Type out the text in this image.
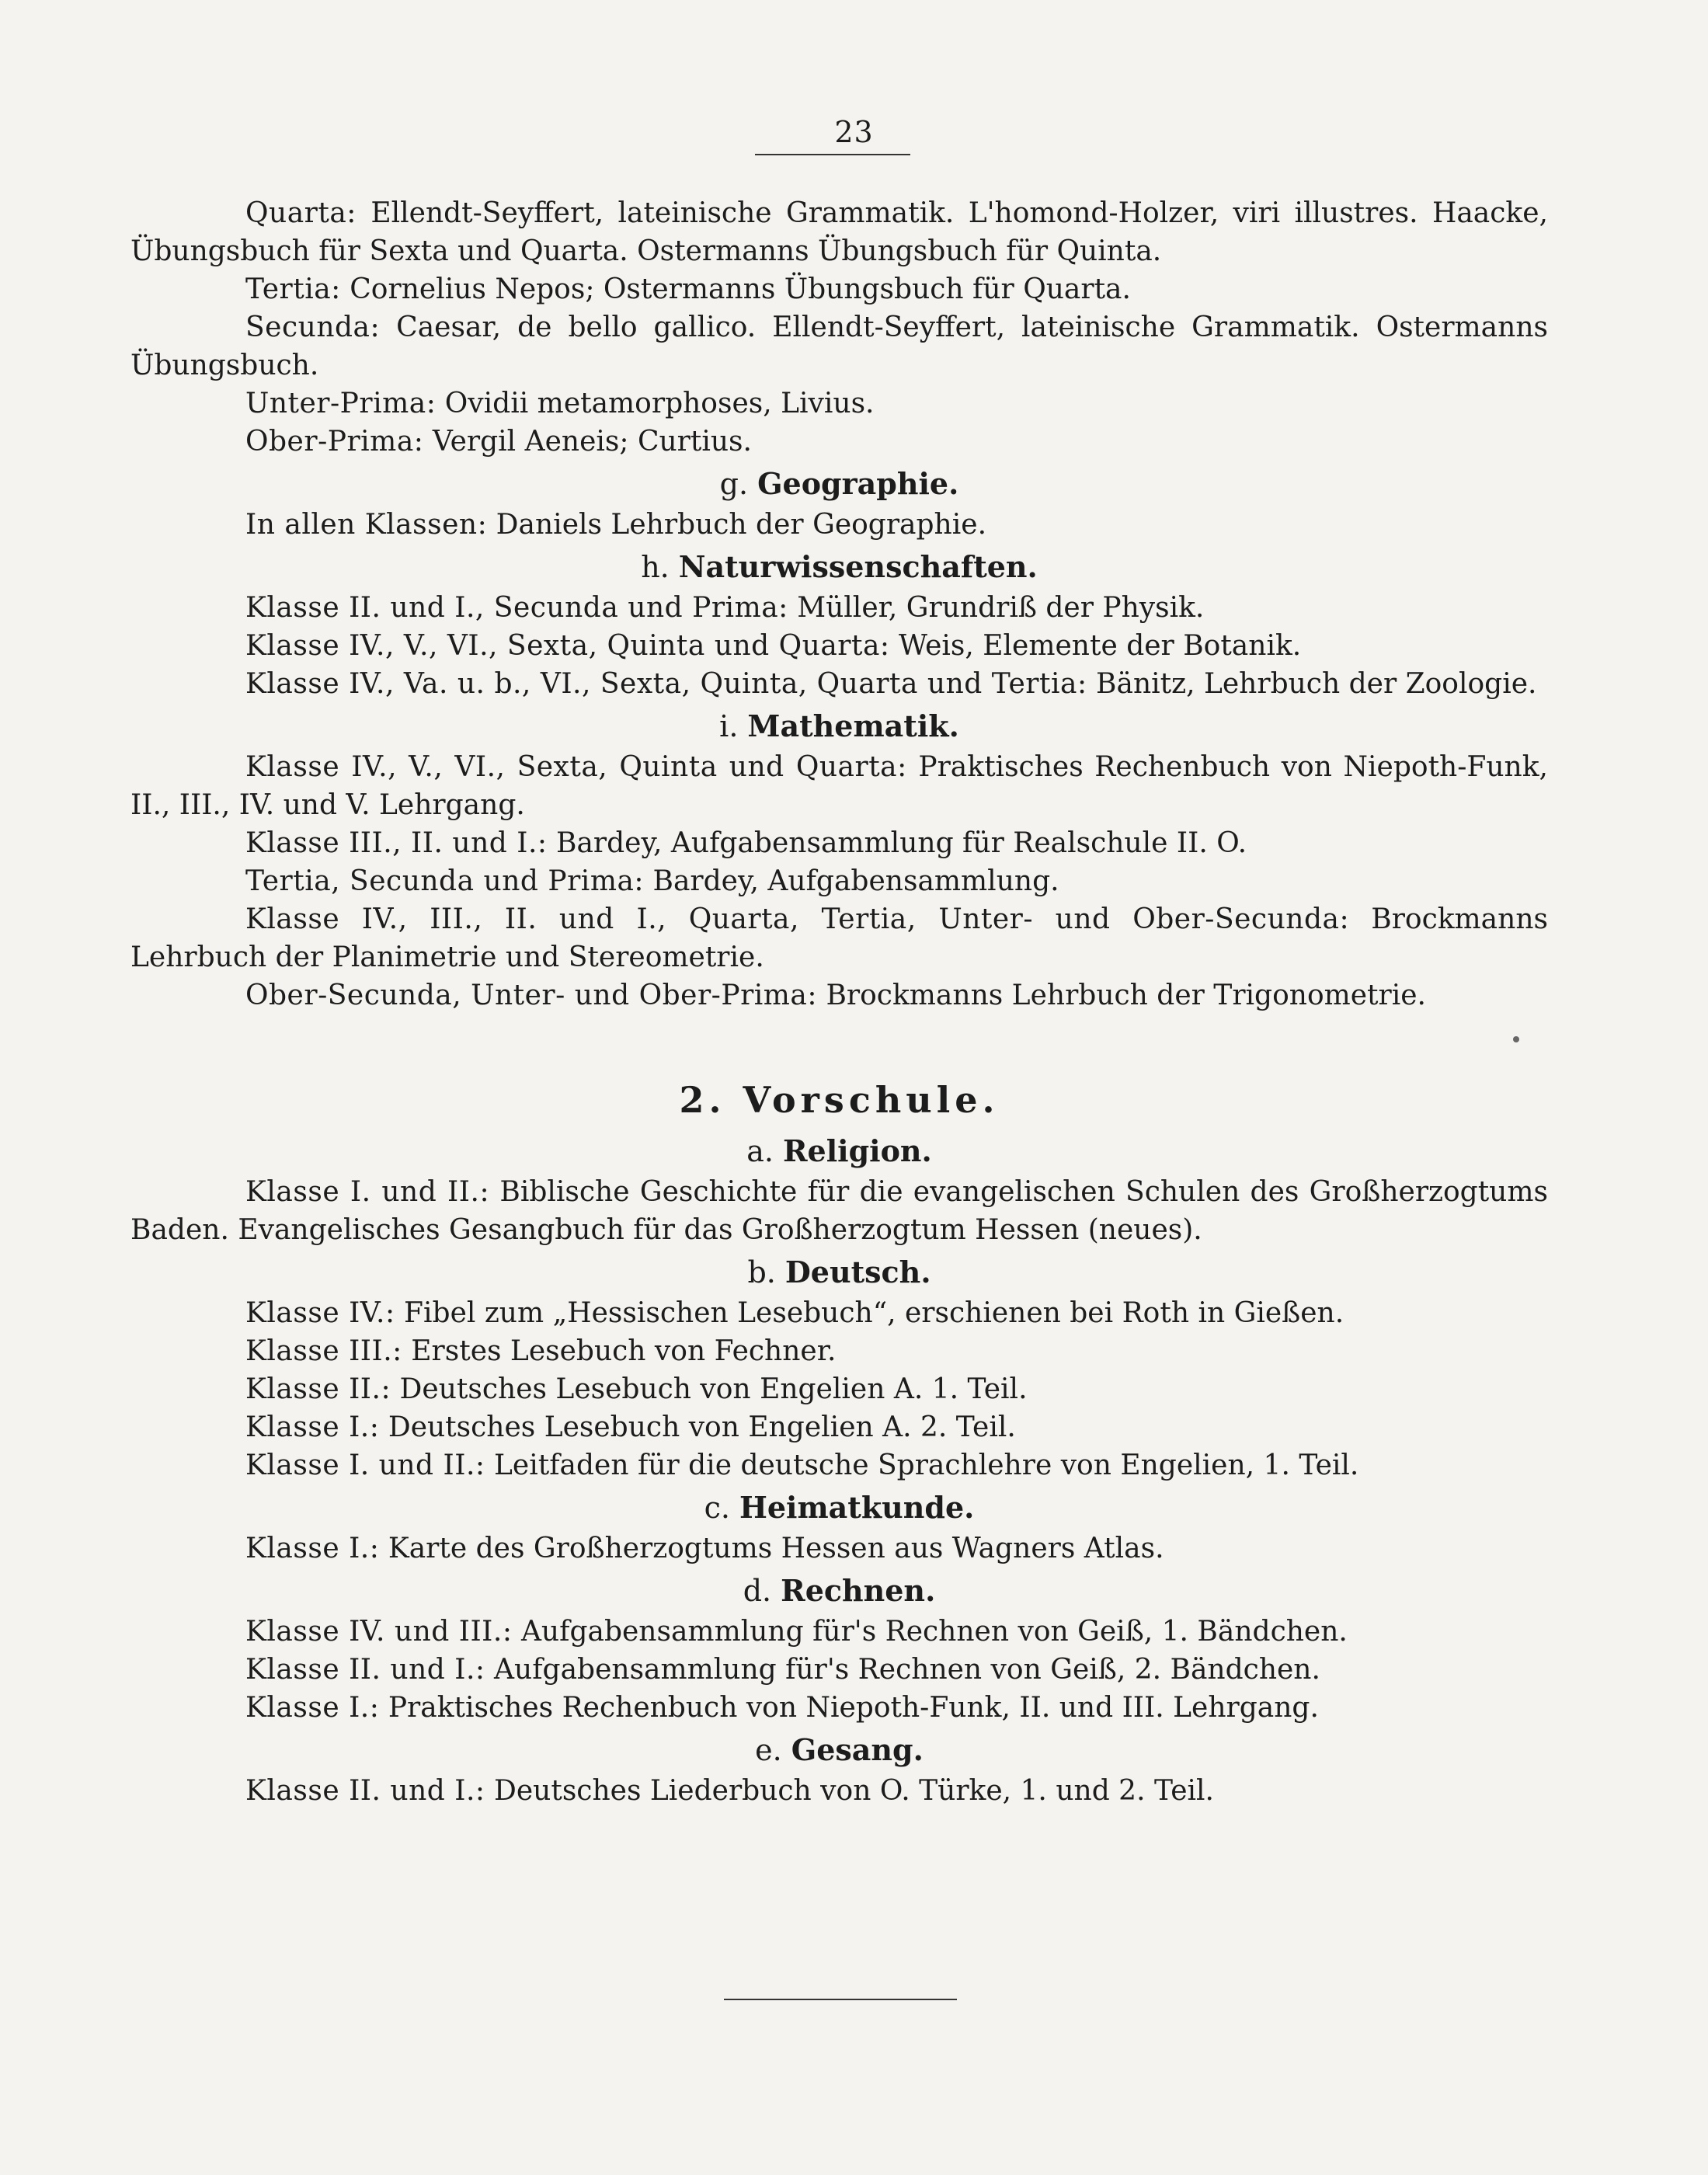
23

Quarta: Ellendt-Seyffert, lateinische Grammatik. L'homond-Holzer, viri illustres. Haacke, Übungsbuch für Sexta und Quarta. Ostermanns Übungsbuch für Quinta.

Tertia: Cornelius Nepos; Ostermanns Übungsbuch für Quarta.

Secunda: Caesar, de bello gallico. Ellendt-Seyffert, lateinische Grammatik. Ostermanns Übungsbuch.

Unter-Prima: Ovidii metamorphoses, Livius.

Ober-Prima: Vergil Aeneis; Curtius.

g. Geographie.

In allen Klassen: Daniels Lehrbuch der Geographie.

h. Naturwissenschaften.

Klasse II. und I., Secunda und Prima: Müller, Grundriß der Physik.

Klasse IV., V., VI., Sexta, Quinta und Quarta: Weis, Elemente der Botanik.

Klasse IV., Va. u. b., VI., Sexta, Quinta, Quarta und Tertia: Bänitz, Lehrbuch der Zoologie.

i. Mathematik.

Klasse IV., V., VI., Sexta, Quinta und Quarta: Praktisches Rechenbuch von Niepoth-Funk, II., III., IV. und V. Lehrgang.

Klasse III., II. und I.: Bardey, Aufgabensammlung für Realschule II. O.

Tertia, Secunda und Prima: Bardey, Aufgabensammlung.

Klasse IV., III., II. und I., Quarta, Tertia, Unter- und Ober-Secunda: Brockmanns Lehrbuch der Planimetrie und Stereometrie.

Ober-Secunda, Unter- und Ober-Prima: Brockmanns Lehrbuch der Trigonometrie.

2. Vorschule.
a. Religion.

Klasse I. und II.: Biblische Geschichte für die evangelischen Schulen des Großherzogtums Baden. Evangelisches Gesangbuch für das Großherzogtum Hessen (neues).

b. Deutsch.

Klasse IV.: Fibel zum „Hessischen Lesebuch“, erschienen bei Roth in Gießen.

Klasse III.: Erstes Lesebuch von Fechner.

Klasse II.: Deutsches Lesebuch von Engelien A. 1. Teil.

Klasse I.: Deutsches Lesebuch von Engelien A. 2. Teil.

Klasse I. und II.: Leitfaden für die deutsche Sprachlehre von Engelien, 1. Teil.

c. Heimatkunde.

Klasse I.: Karte des Großherzogtums Hessen aus Wagners Atlas.

d. Rechnen.

Klasse IV. und III.: Aufgabensammlung für's Rechnen von Geiß, 1. Bändchen.

Klasse II. und I.: Aufgabensammlung für's Rechnen von Geiß, 2. Bändchen.

Klasse I.: Praktisches Rechenbuch von Niepoth-Funk, II. und III. Lehrgang.

e. Gesang.

Klasse II. und I.: Deutsches Liederbuch von O. Türke, 1. und 2. Teil.
